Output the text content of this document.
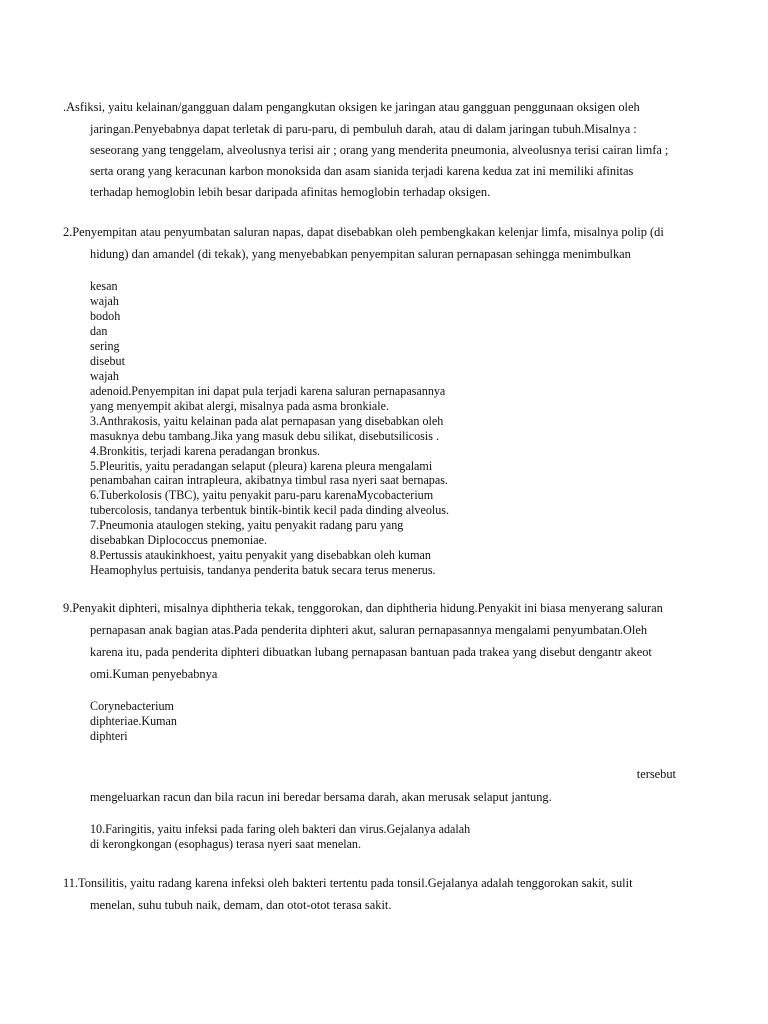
.Asfiksi, yaitu kelainan/gangguan dalam pengangkutan oksigen ke jaringan atau gangguan penggunaan oksigen oleh

jaringan.Penyebabnya dapat terletak di paru-paru, di pembuluh darah, atau di dalam jaringan tubuh.Misalnya :

seseorang yang tenggelam, alveolusnya terisi air ; orang yang menderita pneumonia, alveolusnya terisi cairan limfa ;

serta orang yang keracunan karbon monoksida dan asam sianida terjadi karena kedua zat ini memiliki afinitas

terhadap hemoglobin lebih besar daripada afinitas hemoglobin terhadap oksigen.

2.Penyempitan atau penyumbatan saluran napas, dapat disebabkan oleh pembengkakan kelenjar limfa, misalnya polip (di

hidung) dan amandel (di tekak), yang menyebabkan penyempitan saluran pernapasan sehingga menimbulkan

kesan

wajah

bodoh

dan

sering

disebut

wajah

adenoid.Penyempitan ini dapat pula terjadi karena saluran pernapasannya

yang menyempit akibat alergi, misalnya pada asma bronkiale.

3.Anthrakosis, yaitu kelainan pada alat pernapasan yang disebabkan oleh

masuknya debu tambang.Jika yang masuk debu silikat, disebutsilicosis .

4.Bronkitis, terjadi karena peradangan bronkus.

5.Pleuritis, yaitu peradangan selaput (pleura) karena pleura mengalami

penambahan cairan intrapleura, akibatnya timbul rasa nyeri saat bernapas.

6.Tuberkolosis (TBC), yaitu penyakit paru-paru karenaMycobacterium

tubercolosis, tandanya terbentuk bintik-bintik kecil pada dinding alveolus.

7.Pneumonia ataulogen steking, yaitu penyakit radang paru yang

disebabkan Diplococcus pnemoniae.

8.Pertussis ataukinkhoest, yaitu penyakit yang disebabkan oleh kuman

Heamophylus pertuisis, tandanya penderita batuk secara terus menerus.

9.Penyakit diphteri, misalnya diphtheria tekak, tenggorokan, dan diphtheria hidung.Penyakit ini biasa menyerang saluran

pernapasan anak bagian atas.Pada penderita diphteri akut, saluran pernapasannya mengalami penyumbatan.Oleh

karena itu, pada penderita diphteri dibuatkan lubang pernapasan bantuan pada trakea yang disebut dengantr akeot

omi.Kuman penyebabnya

Corynebacterium

diphteriae.Kuman

diphteri

tersebut

mengeluarkan racun dan bila racun ini beredar bersama darah, akan merusak selaput jantung.

10.Faringitis, yaitu infeksi pada faring oleh bakteri dan virus.Gejalanya adalah

di kerongkongan (esophagus) terasa nyeri saat menelan.

11.Tonsilitis, yaitu radang karena infeksi oleh bakteri tertentu pada tonsil.Gejalanya adalah tenggorokan sakit, sulit

menelan, suhu tubuh naik, demam, dan otot-otot terasa sakit.
